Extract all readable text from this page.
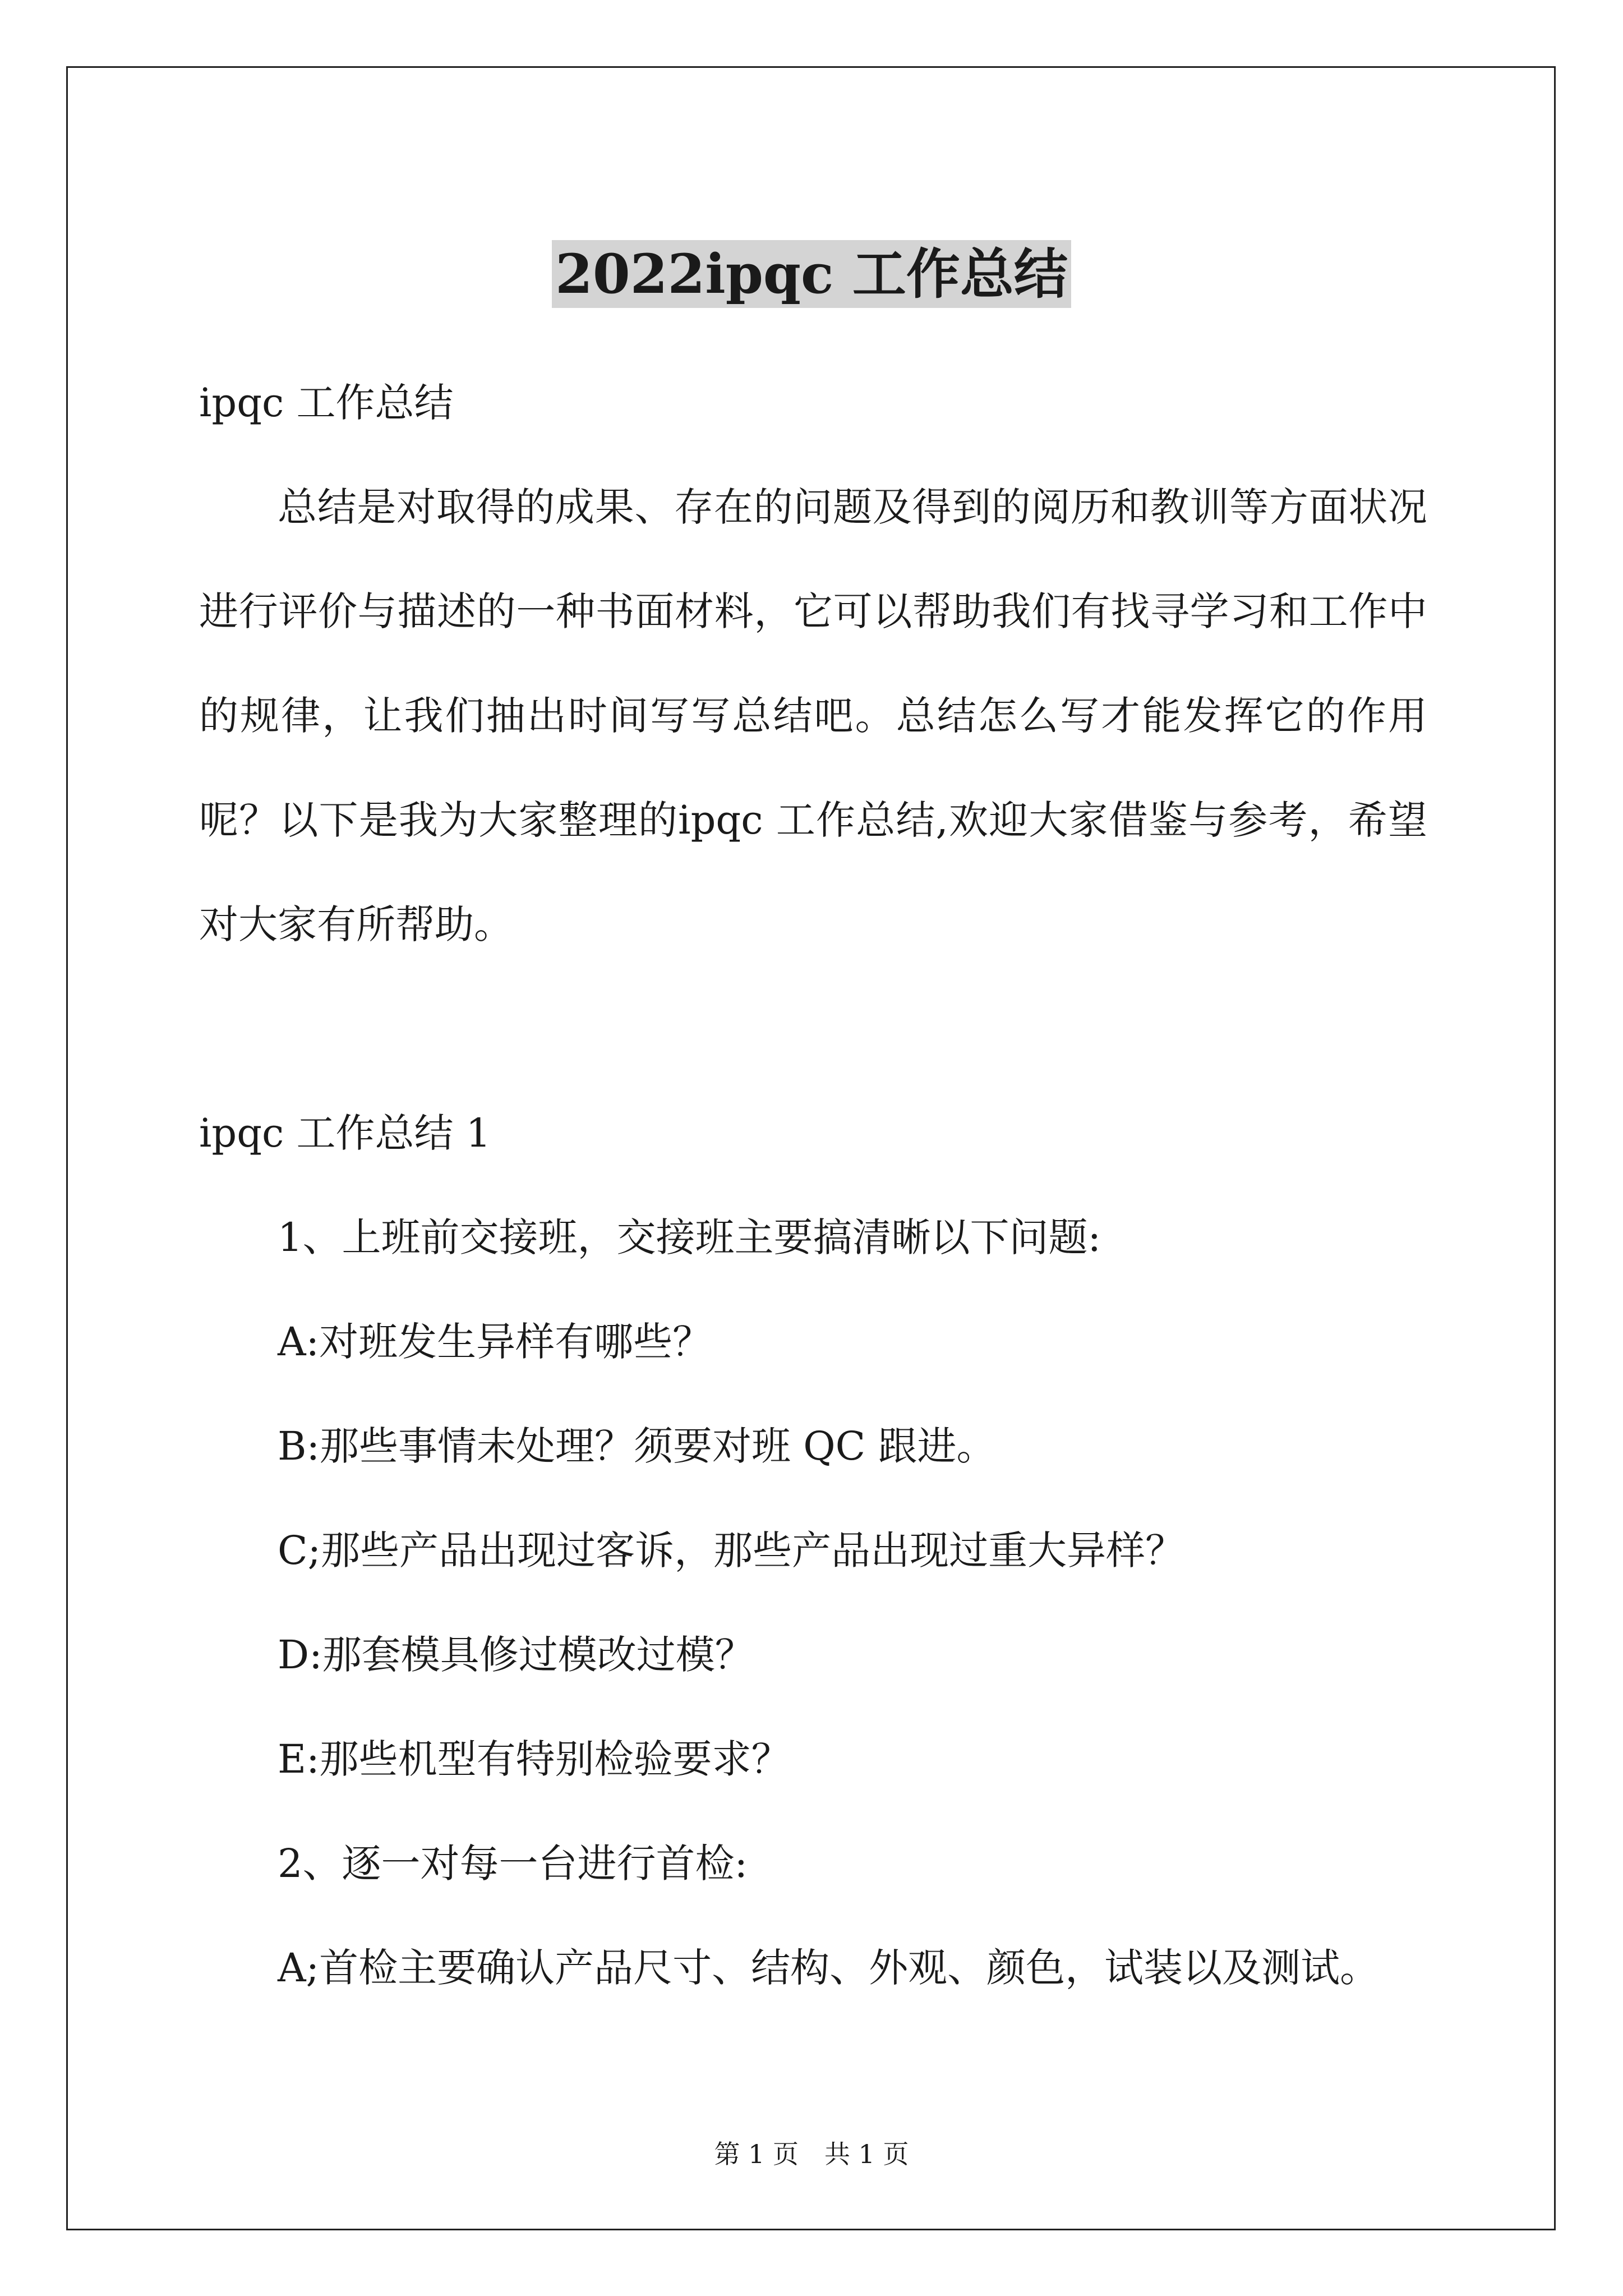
2022ipqc 工作总结

ipqc 工作总结

总结是对取得的成果、存在的问题及得到的阅历和教训等方面状况进行评价与描述的一种书面材料，它可以帮助我们有找寻学习和工作中的规律，让我们抽出时间写写总结吧。总结怎么写才能发挥它的作用呢？以下是我为大家整理的ipqc 工作总结,欢迎大家借鉴与参考，希望对大家有所帮助。

ipqc 工作总结 1

1、上班前交接班，交接班主要搞清晰以下问题:

A:对班发生异样有哪些？

B:那些事情未处理？须要对班 QC 跟进。

C;那些产品出现过客诉，那些产品出现过重大异样？

D:那套模具修过模改过模？

E:那些机型有特别检验要求？

2、逐一对每一台进行首检:

A;首检主要确认产品尺寸、结构、外观、颜色，试装以及测试。

第 1 页 共 1 页
